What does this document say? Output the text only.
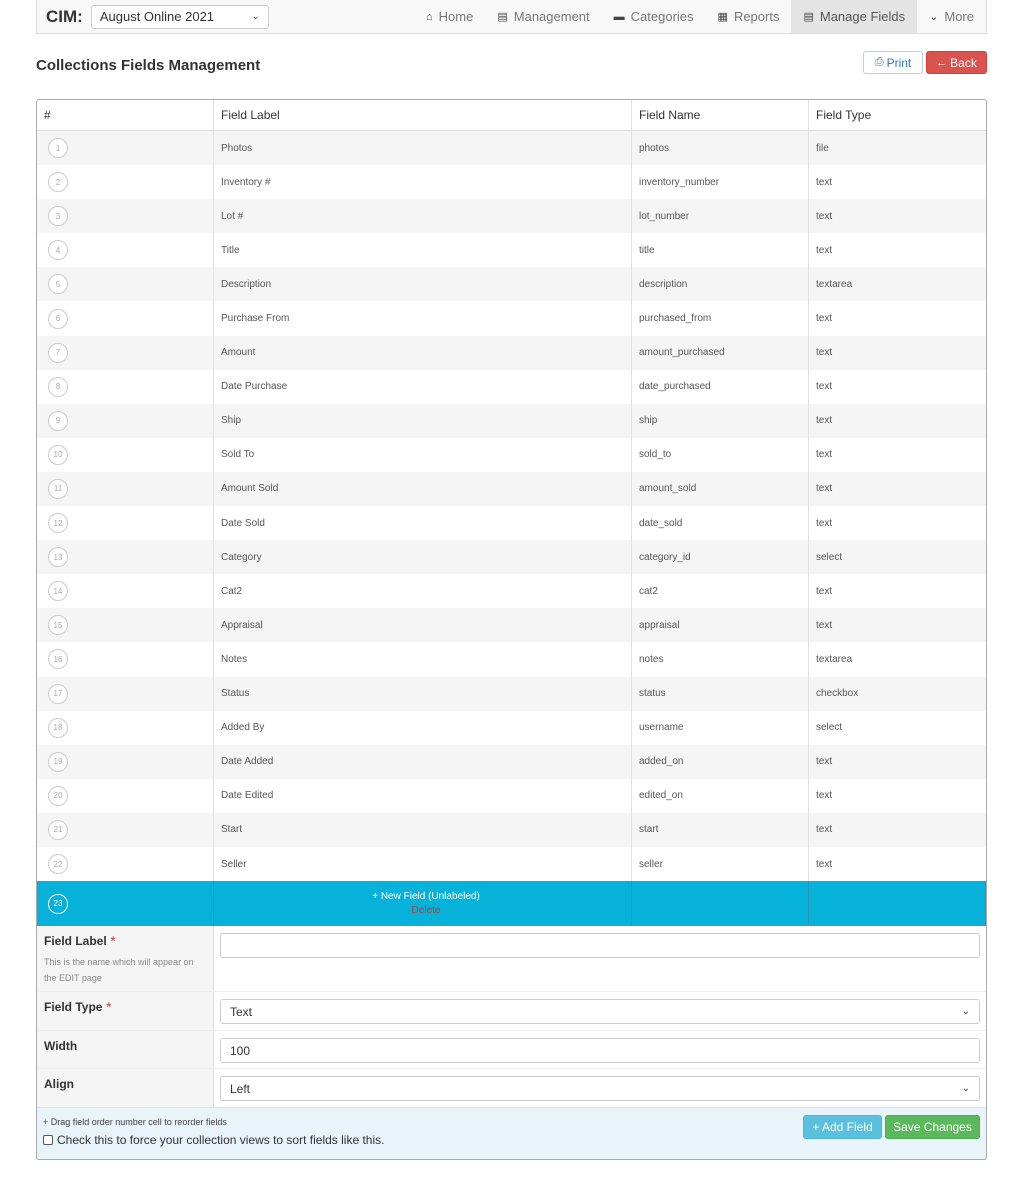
CIM: August Online 2021	⌄	⌂ Home ▤ Management ▬ Categories ▦ Reports ▤ Manage Fields ⌄ More
Collections Fields Management	⎙ Print ← Back
#	Field Label	Field Name	Field Type
1	Photos	photos	file
2	Inventory #	inventory_number	text
3	Lot #	lot_number	text
4	Title	title	text
5	Description	description	textarea
6	Purchase From	purchased_from	text
7	Amount	amount_purchased	text
8	Date Purchase	date_purchased	text
9	Ship	ship	text
10	Sold To	sold_to	text
11	Amount Sold	amount_sold	text
12	Date Sold	date_sold	text
13	Category	category_id	select
14	Cat2	cat2	text
15	Appraisal	appraisal	text
16	Notes	notes	textarea
17	Status	status	checkbox
18	Added By	username	select
19	Date Added	added_on	text
20	Date Edited	edited_on	text
21	Start	start	text
22	Seller	seller	text
23
+ New Field (Unlabeled)
Delete
Field Label *
This is the name which will appear on the EDIT page
Field Type *	Text	⌄
Width	100
Align	Left	⌄
+ Drag field order number cell to reorder fields
Check this to force your collection views to sort fields like this.
+ Add Field	Save Changes
